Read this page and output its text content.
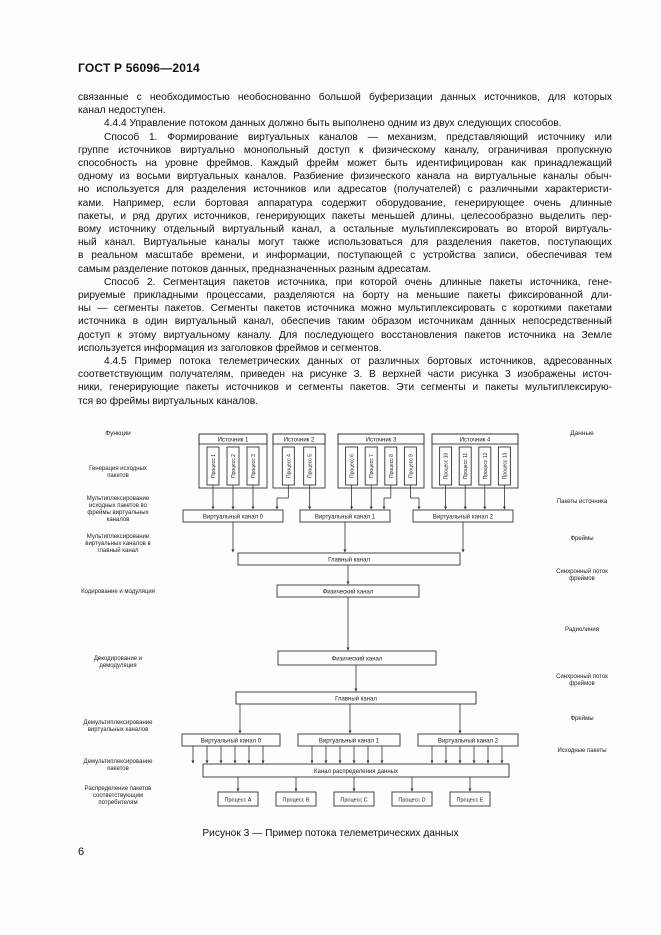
ГОСТ Р 56096—2014

связанные с необходимостью необоснованно большой буферизации данных источников, для которых
канал недоступен.

4.4.4 Управление потоком данных должно быть выполнено одним из двух следующих способов.

Способ 1. Формирование виртуальных каналов — механизм, представляющий источнику или
группе источников виртуально монопольный доступ к физическому каналу, ограничивая пропускную
способность на уровне фреймов. Каждый фрейм может быть идентифицирован как принадлежащий
одному из восьми виртуальных каналов. Разбиение физического канала на виртуальные каналы обыч-
но используется для разделения источников или адресатов (получателей) с различными характеристи-
ками. Например, если бортовая аппаратура содержит оборудование, генерирующее очень длинные
пакеты, и ряд других источников, генерирующих пакеты меньшей длины, целесообразно выделить пер-
вому источнику отдельный виртуальный канал, а остальные мультиплексировать во второй виртуаль-
ный канал. Виртуальные каналы могут также использоваться для разделения пакетов, поступающих
в реальном масштабе времени, и информации, поступающей с устройства записи, обеспечивая тем
самым разделение потоков данных, предназначенных разным адресатам.

Способ 2. Сегментация пакетов источника, при которой очень длинные пакеты источника, гене-
рируемые прикладными процессами, разделяются на борту на меньшие пакеты фиксированной дли-
ны — сегменты пакетов. Сегменты пакетов источника можно мультиплексировать с короткими пакетами
источника в один виртуальный канал, обеспечив таким образом источникам данных непосредственный
доступ к этому виртуальному каналу. Для последующего восстановления пакетов источника на Земле
используется информация из заголовков фреймов и сегментов.

4.4.5 Пример потока телеметрических данных от различных бортовых источников, адресованных
соответствующим получателям, приведен на рисунке 3. В верхней части рисунка 3 изображены источ-
ники, генерирующие пакеты источников и сегменты пакетов. Эти сегменты и пакеты мультиплексирую-
тся во фреймы виртуальных каналов.

Функции
Генерация исходных
пакетов
Мультиплексирование
исходных пакетов во
фреймы виртуальных
каналов
Мультиплексирование
виртуальных каналов в
главный канал
Кодирование и модуляция
Декодирование и
демодуляция
Демультиплексирование
виртуальных каналов
Демультиплексирование
пакетов
Распределение пакетов
соответствующим
потребителям
Данные
Пакеты источника
Фреймы
Синхронный поток
фреймов
Радиолиния
Синхронный поток
фреймов
Фреймы
Исходные пакеты
Источник 1
Процесс 1	Процесс 2	Процесс 3
Источник 2
Процесс 4	Процесс 5
Источник 3
Процесс 6	Процесс 7	Процесс 8	Процесс 9
Источник 4
Процесс 10	Процесс 11	Процесс 12	Процесс 13
Виртуальный канал 0	Виртуальный канал 1	Виртуальный канал 2
Главный канал
Физический канал
Физический канал
Главный канал
Виртуальный канал 0	Виртуальный канал 1	Виртуальный канал 2
Канал распределения данных
Процесс A	Процесс B	Процесс C	Процесс D	Процесс E
Рисунок 3 — Пример потока телеметрических данных
6
